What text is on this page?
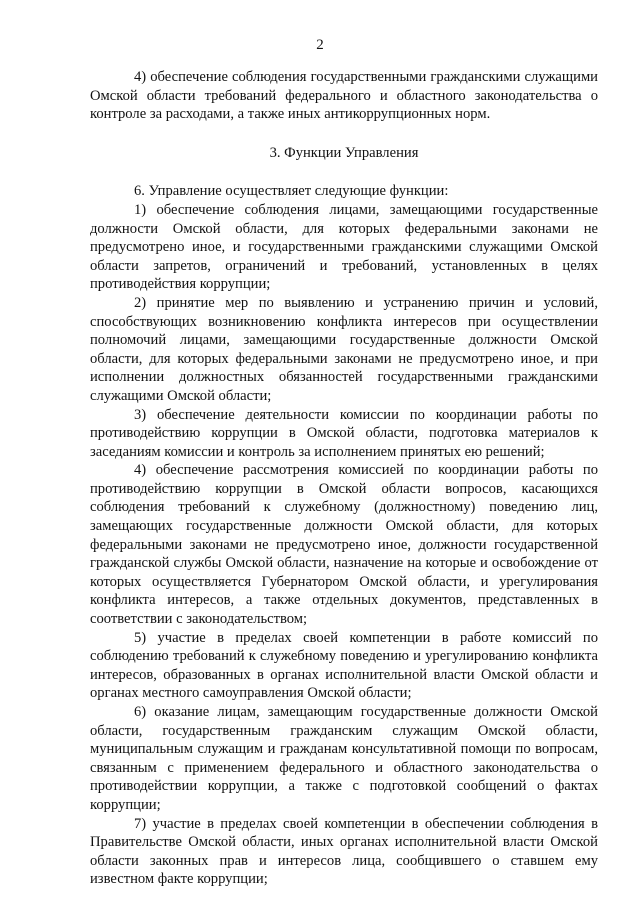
2

4) обеспечение соблюдения государственными гражданскими служащими Омской области требований федерального и областного законодательства о контроле за расходами, а также иных антикоррупционных норм.

3. Функции Управления

6. Управление осуществляет следующие функции:

1) обеспечение соблюдения лицами, замещающими государственные должности Омской области, для которых федеральными законами не предусмотрено иное, и государственными гражданскими служащими Омской области запретов, ограничений и требований, установленных в целях противодействия коррупции;

2) принятие мер по выявлению и устранению причин и условий, способствующих возникновению конфликта интересов при осуществлении полномочий лицами, замещающими государственные должности Омской области, для которых федеральными законами не предусмотрено иное, и при исполнении должностных обязанностей государственными гражданскими служащими Омской области;

3) обеспечение деятельности комиссии по координации работы по противодействию коррупции в Омской области, подготовка материалов к заседаниям комиссии и контроль за исполнением принятых ею решений;

4) обеспечение рассмотрения комиссией по координации работы по противодействию коррупции в Омской области вопросов, касающихся соблюдения требований к служебному (должностному) поведению лиц, замещающих государственные должности Омской области, для которых федеральными законами не предусмотрено иное, должности государственной гражданской службы Омской области, назначение на которые и освобождение от которых осуществляется Губернатором Омской области, и урегулирования конфликта интересов, а также отдельных документов, представленных в соответствии с законодательством;

5) участие в пределах своей компетенции в работе комиссий по соблюдению требований к служебному поведению и урегулированию конфликта интересов, образованных в органах исполнительной власти Омской области и органах местного самоуправления Омской области;

6) оказание лицам, замещающим государственные должности Омской области, государственным гражданским служащим Омской области, муниципальным служащим и гражданам консультативной помощи по вопросам, связанным с применением федерального и областного законодательства о противодействии коррупции, а также с подготовкой сообщений о фактах коррупции;

7) участие в пределах своей компетенции в обеспечении соблюдения в Правительстве Омской области, иных органах исполнительной власти Омской области законных прав и интересов лица, сообщившего о ставшем ему известном факте коррупции;
